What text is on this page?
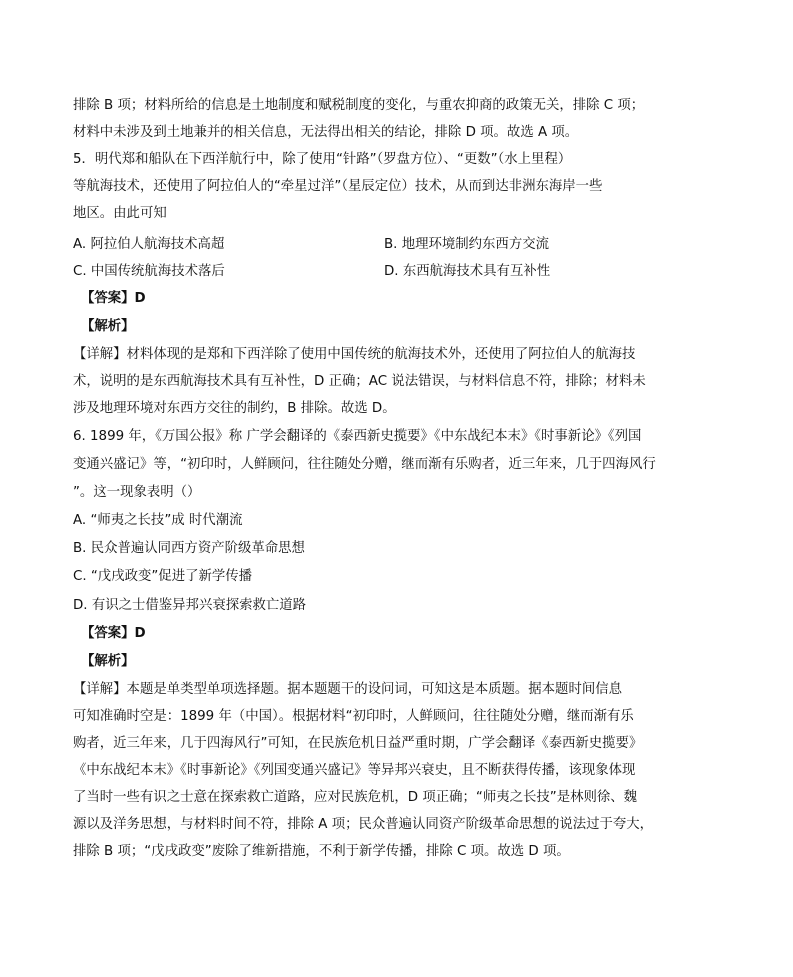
排除 B 项；材料所给的信息是土地制度和赋税制度的变化，与重农抑商的政策无关，排除 C 项；
材料中未涉及到土地兼并的相关信息，无法得出相关的结论，排除 D 项。故选 A 项。
5．明代郑和船队在下西洋航行中，除了使用“针路”（罗盘方位）、“更数”（水上里程）
等航海技术，还使用了阿拉伯人的“牵星过洋”（星辰定位）技术，从而到达非洲东海岸一些
地区。由此可知
A. 阿拉伯人航海技术高超	B. 地理环境制约东西方交流
C. 中国传统航海技术落后	D. 东西航海技术具有互补性
【答案】D
【解析】
【详解】材料体现的是郑和下西洋除了使用中国传统的航海技术外，还使用了阿拉伯人的航海技
术，说明的是东西航海技术具有互补性，D 正确；AC 说法错误，与材料信息不符，排除；材料未
涉及地理环境对东西方交往的制约，B 排除。故选 D。
6. 1899 年，《万国公报》称 广学会翻译的《泰西新史揽要》《中东战纪本末》《时事新论》《列国
变通兴盛记》等，“初印时，人鲜顾问，往往随处分赠，继而渐有乐购者，近三年来，几于四海风行
”。这一现象表明（）
A. “师夷之长技”成 时代潮流
B. 民众普遍认同西方资产阶级革命思想
C. “戊戌政变”促进了新学传播
D. 有识之士借鉴异邦兴衰探索救亡道路
【答案】D
【解析】
【详解】本题是单类型单项选择题。据本题题干的设问词，可知这是本质题。据本题时间信息
可知准确时空是：1899 年（中国）。根据材料“初印时，人鲜顾问，往往随处分赠，继而渐有乐
购者，近三年来，几于四海风行”可知，在民族危机日益严重时期，广学会翻译《泰西新史揽要》
《中东战纪本末》《时事新论》《列国变通兴盛记》等异邦兴衰史，且不断获得传播，该现象体现
了当时一些有识之士意在探索救亡道路，应对民族危机，D 项正确；“师夷之长技”是林则徐、魏
源以及洋务思想，与材料时间不符，排除 A 项；民众普遍认同资产阶级革命思想的说法过于夸大，
排除 B 项；“戊戌政变”废除了维新措施，不利于新学传播，排除 C 项。故选 D 项。
